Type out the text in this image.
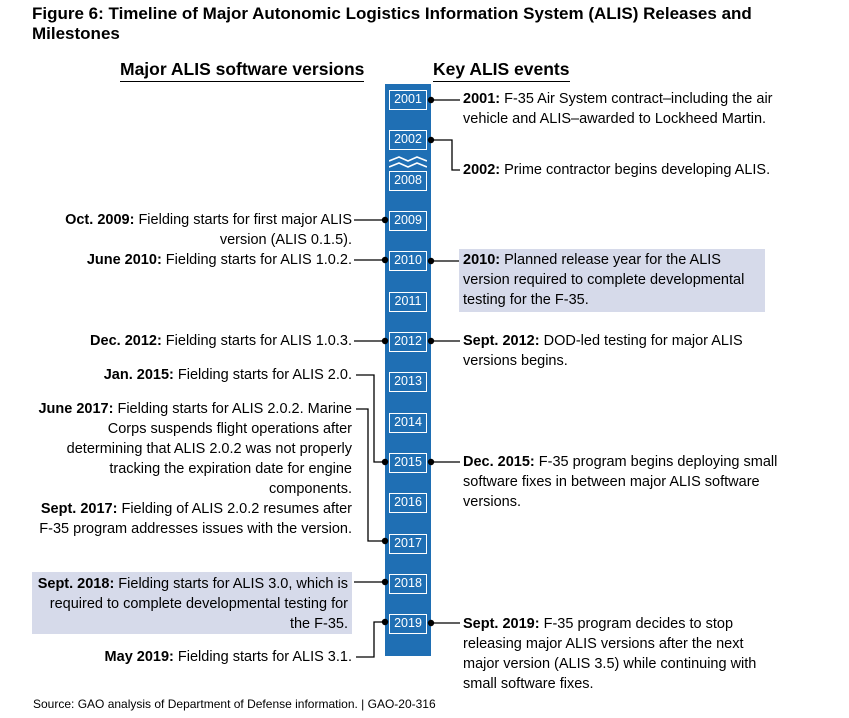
Figure 6: Timeline of Major Autonomic Logistics Information System (ALIS) Releases and Milestones
Major ALIS software versions	Key ALIS events
2001
2002
2008
2009
2010
2011
2012
2013
2014
2015
2016
2017
2018
2019
Oct. 2009: Fielding starts for first major ALIS version (ALIS 0.1.5).
June 2010: Fielding starts for ALIS 1.0.2.
Dec. 2012: Fielding starts for ALIS 1.0.3.
Jan. 2015: Fielding starts for ALIS 2.0.
June 2017: Fielding starts for ALIS 2.0.2. Marine Corps suspends flight operations after determining that ALIS 2.0.2 was not properly tracking the expiration date for engine components.
Sept. 2017: Fielding of ALIS 2.0.2 resumes after F-35 program addresses issues with the version.
Sept. 2018: Fielding starts for ALIS 3.0, which is required to complete developmental testing for the F-35.
May 2019: Fielding starts for ALIS 3.1.
2001: F-35 Air System contract–including the air vehicle and ALIS–awarded to Lockheed Martin.
2002: Prime contractor begins developing ALIS.
2010: Planned release year for the ALIS version required to complete developmental testing for the F-35.
Sept. 2012: DOD-led testing for major ALIS versions begins.
Dec. 2015: F-35 program begins deploying small software fixes in between major ALIS software versions.
Sept. 2019: F-35 program decides to stop releasing major ALIS versions after the next major version (ALIS 3.5) while continuing with small software fixes.
Source: GAO analysis of Department of Defense information. | GAO-20-316
